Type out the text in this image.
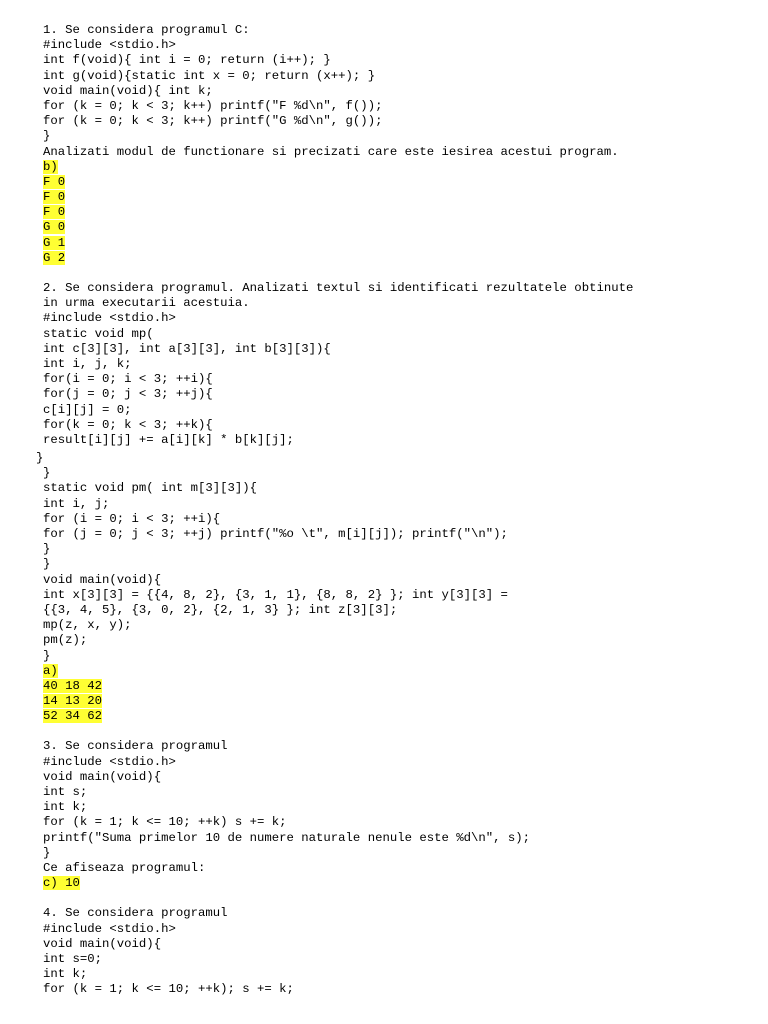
1. Se considera programul C:
#include <stdio.h>
int f(void){ int i = 0; return (i++); }
int g(void){static int x = 0; return (x++); }
void main(void){ int k;
for (k = 0; k < 3; k++) printf("F %d\n", f());
for (k = 0; k < 3; k++) printf("G %d\n", g());
}
Analizati modul de functionare si precizati care este iesirea acestui program.
b)
F 0
F 0
F 0
G 0
G 1
G 2
2. Se considera programul. Analizati textul si identificati rezultatele obtinute
in urma executarii acestuia.
#include <stdio.h>
static void mp(
int c[3][3], int a[3][3], int b[3][3]){
int i, j, k;
for(i = 0; i < 3; ++i){
for(j = 0; j < 3; ++j){
c[i][j] = 0;
for(k = 0; k < 3; ++k){
result[i][j] += a[i][k] * b[k][j];
}
}
static void pm( int m[3][3]){
int i, j;
for (i = 0; i < 3; ++i){
for (j = 0; j < 3; ++j) printf("%o \t", m[i][j]); printf("\n");
}
}
void main(void){
int x[3][3] = {{4, 8, 2}, {3, 1, 1}, {8, 8, 2} }; int y[3][3] =
{{3, 4, 5}, {3, 0, 2}, {2, 1, 3} }; int z[3][3];
mp(z, x, y);
pm(z);
}
a)
40 18 42
14 13 20
52 34 62
3. Se considera programul
#include <stdio.h>
void main(void){
int s;
int k;
for (k = 1; k <= 10; ++k) s += k;
printf("Suma primelor 10 de numere naturale nenule este %d\n", s);
}
Ce afiseaza programul:
c) 10
4. Se considera programul
#include <stdio.h>
void main(void){
int s=0;
int k;
for (k = 1; k <= 10; ++k); s += k;
